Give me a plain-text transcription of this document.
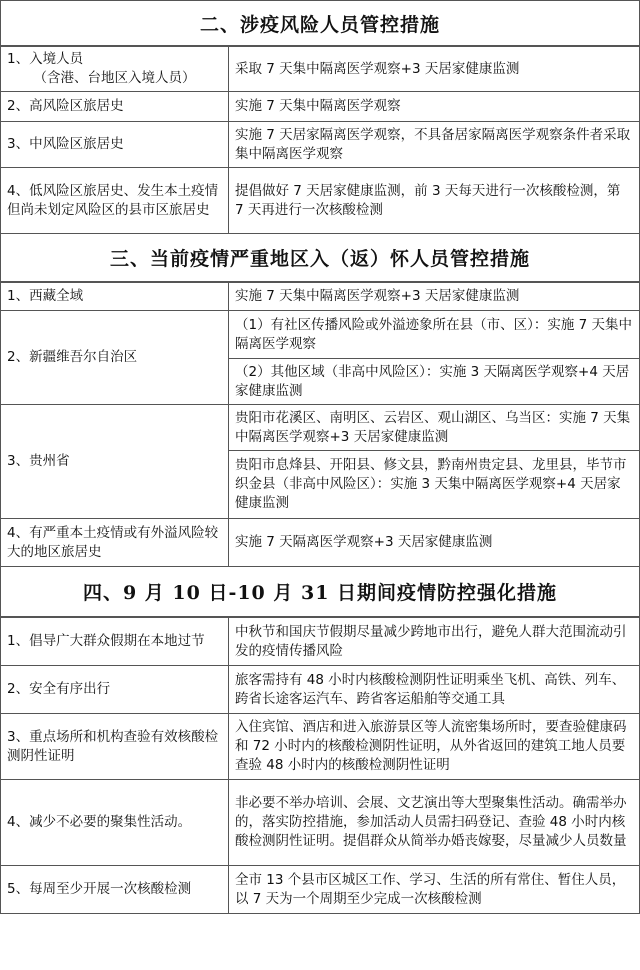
二、涉疫风险人员管控措施
1、入境人员
（含港、台地区入境人员）	采取 7 天集中隔离医学观察+3 天居家健康监测
2、高风险区旅居史	实施 7 天集中隔离医学观察
3、中风险区旅居史	实施 7 天居家隔离医学观察，不具备居家隔离医学观察条件者采取集中隔离医学观察
4、低风险区旅居史、发生本土疫情但尚未划定风险区的县市区旅居史	提倡做好 7 天居家健康监测，前 3 天每天进行一次核酸检测，第 7 天再进行一次核酸检测
三、当前疫情严重地区入（返）怀人员管控措施
1、西藏全域	实施 7 天集中隔离医学观察+3 天居家健康监测
2、新疆维吾尔自治区	（1）有社区传播风险或外溢迹象所在县（市、区）：实施 7 天集中隔离医学观察
	（2）其他区域（非高中风险区）：实施 3 天隔离医学观察+4 天居家健康监测
3、贵州省	贵阳市花溪区、南明区、云岩区、观山湖区、乌当区：实施 7 天集中隔离医学观察+3 天居家健康监测
	贵阳市息烽县、开阳县、修文县，黔南州贵定县、龙里县，毕节市织金县（非高中风险区）：实施 3 天集中隔离医学观察+4 天居家健康监测
4、有严重本土疫情或有外溢风险较大的地区旅居史	实施 7 天隔离医学观察+3 天居家健康监测
四、9 月 10 日-10 月 31 日期间疫情防控强化措施
1、倡导广大群众假期在本地过节	中秋节和国庆节假期尽量减少跨地市出行，避免人群大范围流动引发的疫情传播风险
2、安全有序出行	旅客需持有 48 小时内核酸检测阴性证明乘坐飞机、高铁、列车、跨省长途客运汽车、跨省客运船舶等交通工具
3、重点场所和机构查验有效核酸检测阴性证明	入住宾馆、酒店和进入旅游景区等人流密集场所时，要查验健康码和 72 小时内的核酸检测阴性证明，从外省返回的建筑工地人员要查验 48 小时内的核酸检测阴性证明
4、减少不必要的聚集性活动。	非必要不举办培训、会展、文艺演出等大型聚集性活动。确需举办的，落实防控措施，参加活动人员需扫码登记、查验 48 小时内核酸检测阴性证明。提倡群众从简举办婚丧嫁娶，尽量减少人员数量
5、每周至少开展一次核酸检测	全市 13 个县市区城区工作、学习、生活的所有常住、暂住人员，以 7 天为一个周期至少完成一次核酸检测
